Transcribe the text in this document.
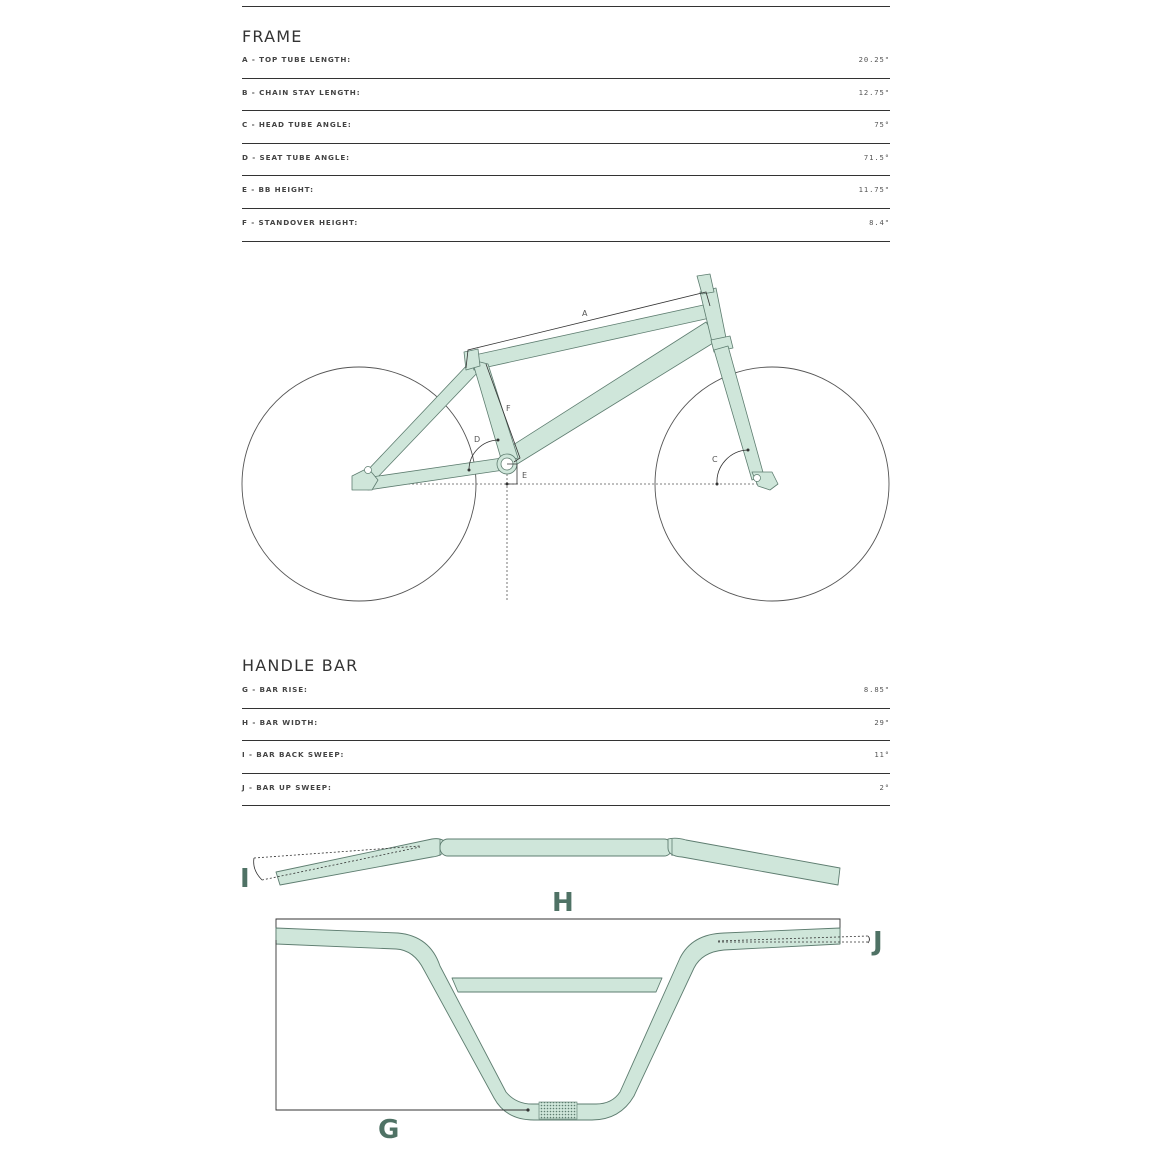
FRAME
A - TOP TUBE LENGTH:	20.25"
B - CHAIN STAY LENGTH:	12.75"
C - HEAD TUBE ANGLE:	75°
D - SEAT TUBE ANGLE:	71.5°
E - BB HEIGHT:	11.75"
F - STANDOVER HEIGHT:	8.4"
A
F
D
E
C
HANDLE BAR
G - BAR RISE:	8.85"
H - BAR WIDTH:	29"
I - BAR BACK SWEEP:	11°
J - BAR UP SWEEP:	2°
I
H
G
J
